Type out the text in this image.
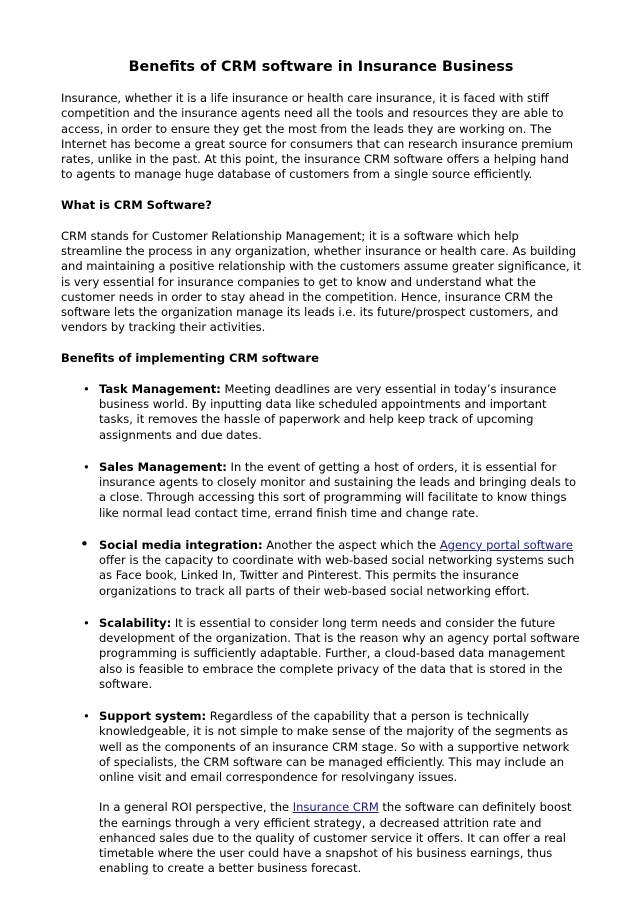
Benefits of CRM software in Insurance Business

Insurance, whether it is a life insurance or health care insurance, it is faced with stiff competition and the insurance agents need all the tools and resources they are able to access, in order to ensure they get the most from the leads they are working on. The Internet has become a great source for consumers that can research insurance premium rates, unlike in the past. At this point, the insurance CRM software offers a helping hand to agents to manage huge database of customers from a single source efficiently.

What is CRM Software?

CRM stands for Customer Relationship Management; it is a software which help streamline the process in any organization, whether insurance or health care. As building and maintaining a positive relationship with the customers assume greater significance, it is very essential for insurance companies to get to know and understand what the customer needs in order to stay ahead in the competition. Hence, insurance CRM the software lets the organization manage its leads i.e. its future/prospect customers, and vendors by tracking their activities.

Benefits of implementing CRM software

• Task Management: Meeting deadlines are very essential in today’s insurance business world. By inputting data like scheduled appointments and important tasks, it removes the hassle of paperwork and help keep track of upcoming assignments and due dates.
• Sales Management: In the event of getting a host of orders, it is essential for insurance agents to closely monitor and sustaining the leads and bringing deals to a close. Through accessing this sort of programming will facilitate to know things like normal lead contact time, errand finish time and change rate.
• Social media integration: Another the aspect which the Agency portal software offer is the capacity to coordinate with web-based social networking systems such as Face book, Linked In, Twitter and Pinterest. This permits the insurance organizations to track all parts of their web-based social networking effort.
• Scalability: It is essential to consider long term needs and consider the future development of the organization. That is the reason why an agency portal software programming is sufficiently adaptable. Further, a cloud-based data management also is feasible to embrace the complete privacy of the data that is stored in the software.
• Support system: Regardless of the capability that a person is technically knowledgeable, it is not simple to make sense of the majority of the segments as well as the components of an insurance CRM stage. So with a supportive network of specialists, the CRM software can be managed efficiently. This may include an online visit and email correspondence for resolvingany issues.

In a general ROI perspective, the Insurance CRM the software can definitely boost the earnings through a very efficient strategy, a decreased attrition rate and enhanced sales due to the quality of customer service it offers. It can offer a real timetable where the user could have a snapshot of his business earnings, thus enabling to create a better business forecast.
